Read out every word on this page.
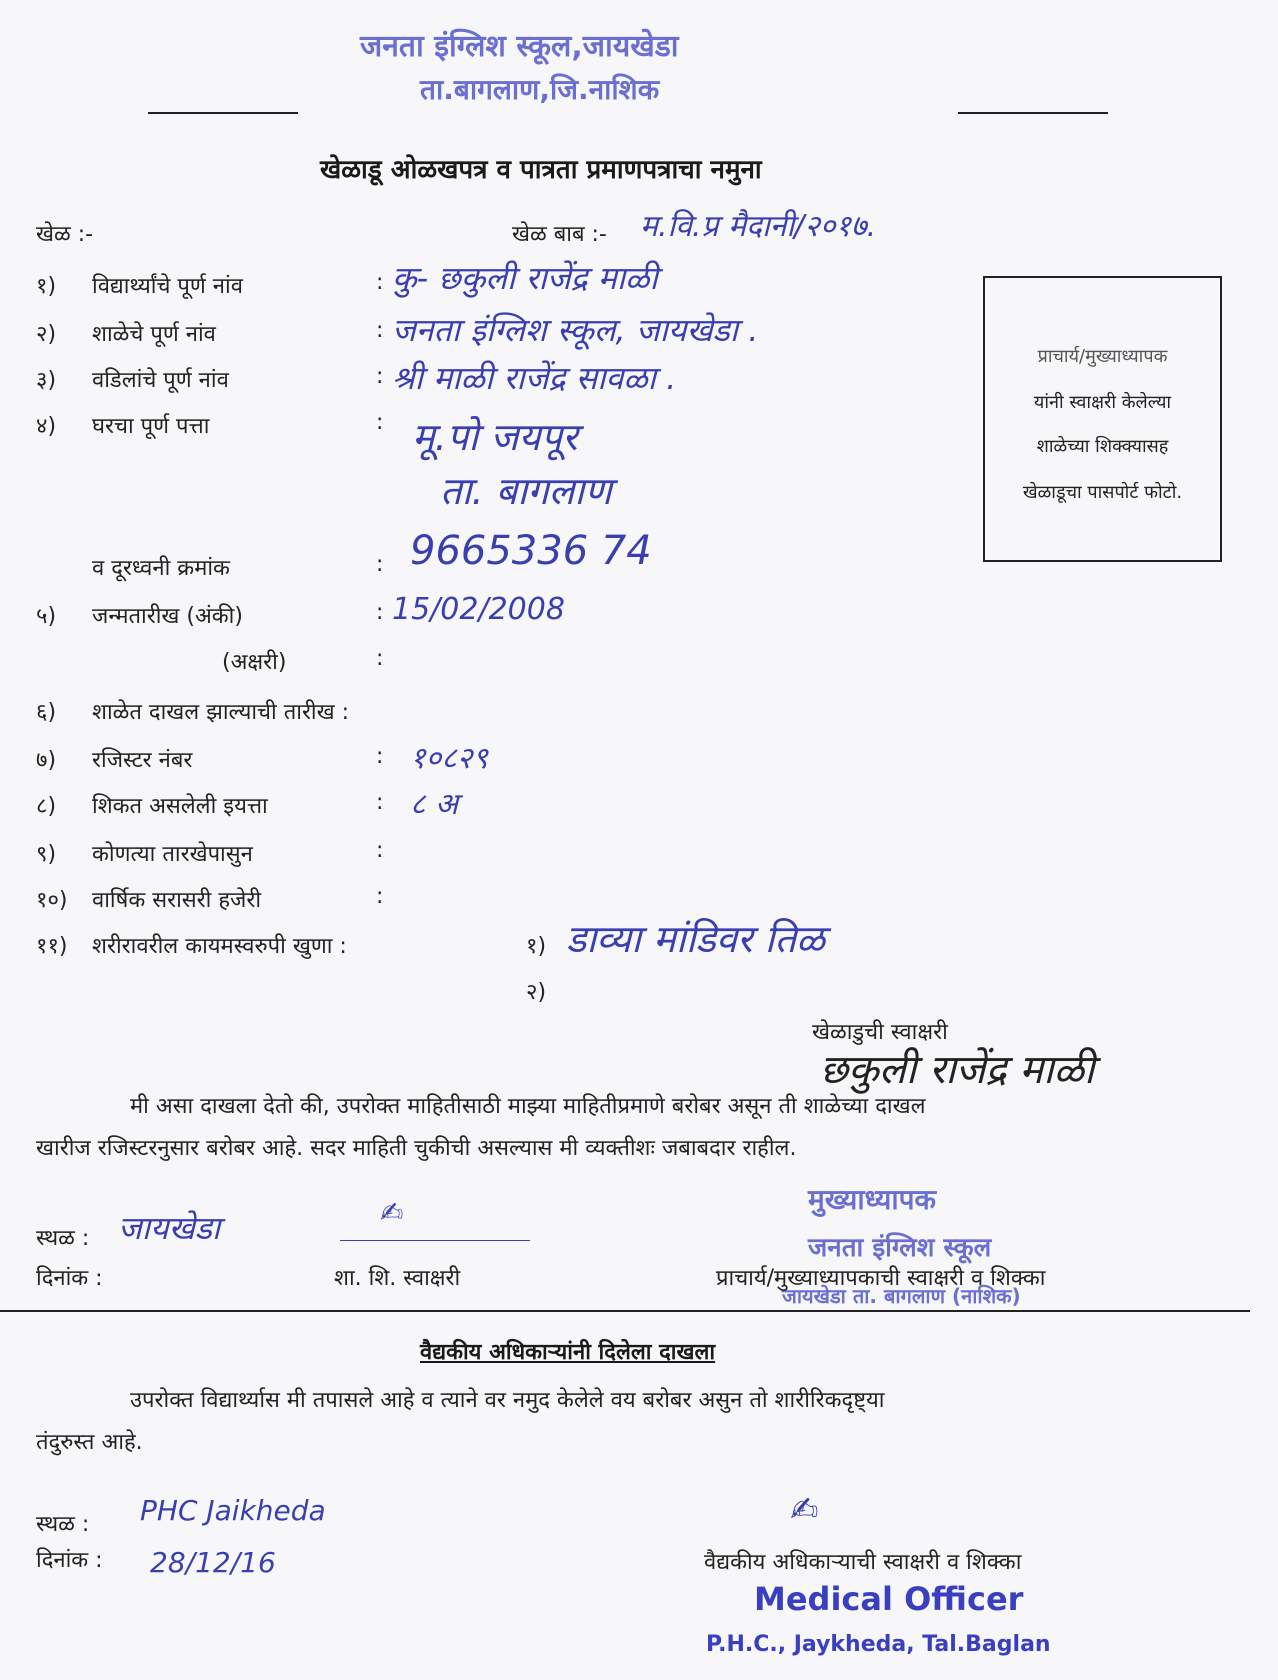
जनता इंग्लिश स्कूल,जायखेडा
ता.बागलाण,जि.नाशिक
खेळाडू ओळखपत्र व पात्रता प्रमाणपत्राचा नमुना
खेळ :-	खेळ बाब :- म.वि.प्र मैदानी/२०१७.
१) विद्यार्थ्यांचे पूर्ण नांव	: कु- छकुली राजेंद्र माळी
२) शाळेचे पूर्ण नांव	: जनता इंग्लिश स्कूल, जायखेडा .
३) वडिलांचे पूर्ण नांव	: श्री माळी राजेंद्र सावळा .
४) घरचा पूर्ण पत्ता	: मू.पो जयपूर
ता. बागलाण
व दूरध्वनी क्रमांक	: 9665336 74
५) जन्मतारीख (अंकी)	: 15/02/2008
(अक्षरी)	:
६) शाळेत दाखल झाल्याची तारीख :
७) रजिस्टर नंबर	: १०८२९
८) शिकत असलेली इयत्ता	: ८ अ
९) कोणत्या तारखेपासुन	:
१०) वार्षिक सरासरी हजेरी	:
११) शरीरावरील कायमस्वरुपी खुणा :	१) डाव्या मांडिवर तिळ
२)
प्राचार्य/मुख्याध्यापक
यांनी स्वाक्षरी केलेल्या
शाळेच्या शिक्क्यासह
खेळाडूचा पासपोर्ट फोटो.
खेळाडुची स्वाक्षरी
छकुली राजेंद्र माळी
मी असा दाखला देतो की, उपरोक्त माहितीसाठी माझ्या माहितीप्रमाणे बरोबर असून ती शाळेच्या दाखल
खारीज रजिस्टरनुसार बरोबर आहे. सदर माहिती चुकीची असल्यास मी व्यक्तीशः जबाबदार राहील.
स्थळ : जायखेडा
दिनांक :
✍
शा. शि. स्वाक्षरी
मुख्याध्यापक
जनता इंग्लिश स्कूल
जायखेडा ता. बागलाण (नाशिक)
प्राचार्य/मुख्याध्यापकाची स्वाक्षरी व शिक्का
वैद्यकीय अधिकाऱ्यांनी दिलेला दाखला
उपरोक्त विद्यार्थ्यास मी तपासले आहे व त्याने वर नमुद केलेले वय बरोबर असुन तो शारीरिकदृष्ट्या
तंदुरुस्त आहे.
स्थळ : PHC Jaikheda
दिनांक : 28/12/16
✍
वैद्यकीय अधिकाऱ्याची स्वाक्षरी व शिक्का
Medical Officer
P.H.C., Jaykheda, Tal.Baglan
